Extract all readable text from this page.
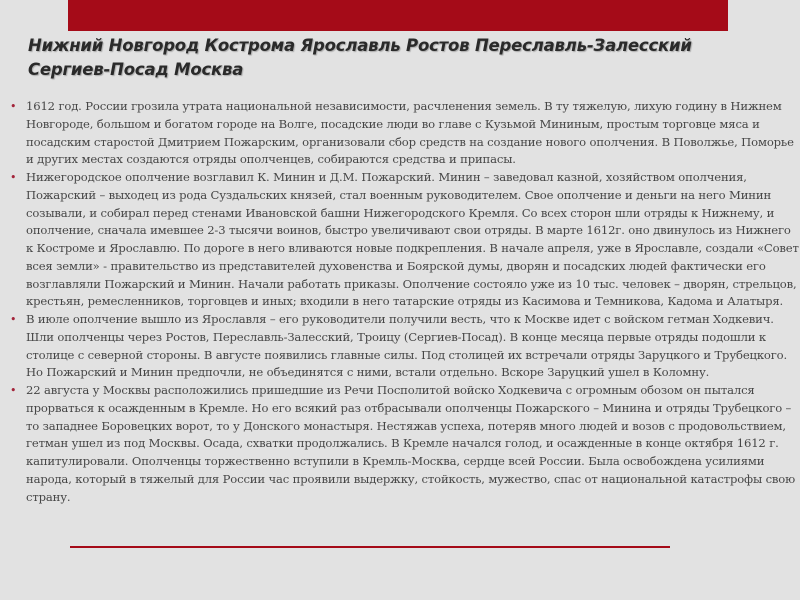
Нижний Новгород Кострома Ярославль Ростов Переславль-Залесский Сергиев-Посад Москва
• 1612 год. России грозила утрата национальной независимости, расчленения земель. В ту тяжелую, лихую годину в Нижнем Новгороде, большом и богатом городе на Волге, посадские люди во главе с Кузьмой Мининым, простым торговце мяса и посадским старостой Дмитрием Пожарским, организовали сбор средств на создание нового ополчения. В Поволжье, Поморье и других местах создаются отряды ополченцев, собираются средства и припасы.
• Нижегородское ополчение возглавил К. Минин и Д.М. Пожарский. Минин – заведовал казной, хозяйством ополчения, Пожарский – выходец из рода Суздальских князей, стал военным руководителем. Свое ополчение и деньги на него Минин созывали, и собирал перед стенами Ивановской башни Нижегородского Кремля. Со всех сторон шли отряды к Нижнему, и ополчение, сначала имевшее 2-3 тысячи воинов, быстро увеличивают свои отряды. В марте 1612г. оно двинулось из Нижнего к Костроме и Ярославлю. По дороге в него вливаются новые подкрепления. В начале апреля, уже в Ярославле, создали «Совет всея земли» - правительство из представителей духовенства и Боярской думы, дворян и посадских людей фактически его возглавляли Пожарский и Минин. Начали работать приказы. Ополчение состояло уже из 10 тыс. человек – дворян, стрельцов, крестьян, ремесленников, торговцев и иных; входили в него татарские отряды из Касимова и Темникова, Кадома и Алатыря.
• В июле ополчение вышло из Ярославля – его руководители получили весть, что к Москве идет с войском гетман Ходкевич. Шли ополченцы через Ростов, Переславль-Залесский, Троицу (Сергиев-Посад). В конце месяца первые отряды подошли к столице с северной стороны. В августе появились главные силы. Под столицей их встречали отряды Заруцкого и Трубецкого. Но Пожарский и Минин предпочли, не объединятся с ними, встали отдельно. Вскоре Заруцкий ушел в Коломну.
• 22 августа у Москвы расположились пришедшие из Речи Посполитой войско Ходкевича с огромным обозом он пытался прорваться к осажденным в Кремле. Но его всякий раз отбрасывали ополченцы Пожарского – Минина и отряды Трубецкого – то западнее Боровецких ворот, то у Донского монастыря. Нестяжав успеха, потеряв много людей и возов с продовольствием, гетман ушел из под Москвы. Осада, схватки продолжались. В Кремле начался голод, и осажденные в конце октября 1612 г. капитулировали. Ополченцы торжественно вступили в Кремль-Москва, сердце всей России. Была освобождена усилиями народа, который в тяжелый для России час проявили выдержку, стойкость, мужество, спас от национальной катастрофы свою страну.
